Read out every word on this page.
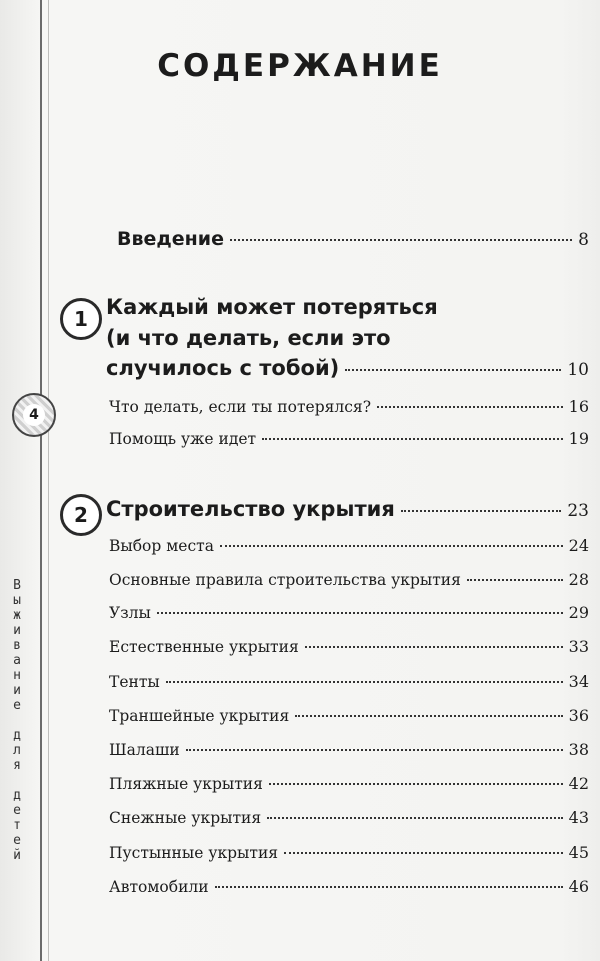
СОДЕРЖАНИЕ
Введение	8
1 Каждый может потеряться
(и что делать, если это
случилось с тобой)	10
4	Что делать, если ты потерялся?	16
Помощь уже идет	19
2 Строительство укрытия	23
Выбор места	24
Основные правила строительства укрытия	28
Узлы	29
Естественные укрытия	33
Тенты	34
Траншейные укрытия	36
Шалаши	38
Пляжные укрытия	42
Снежные укрытия	43
Пустынные укрытия	45
Автомобили	46
В
ы
ж
и
в
а
н
и
е

д
л
я

д
е
т
е
й
